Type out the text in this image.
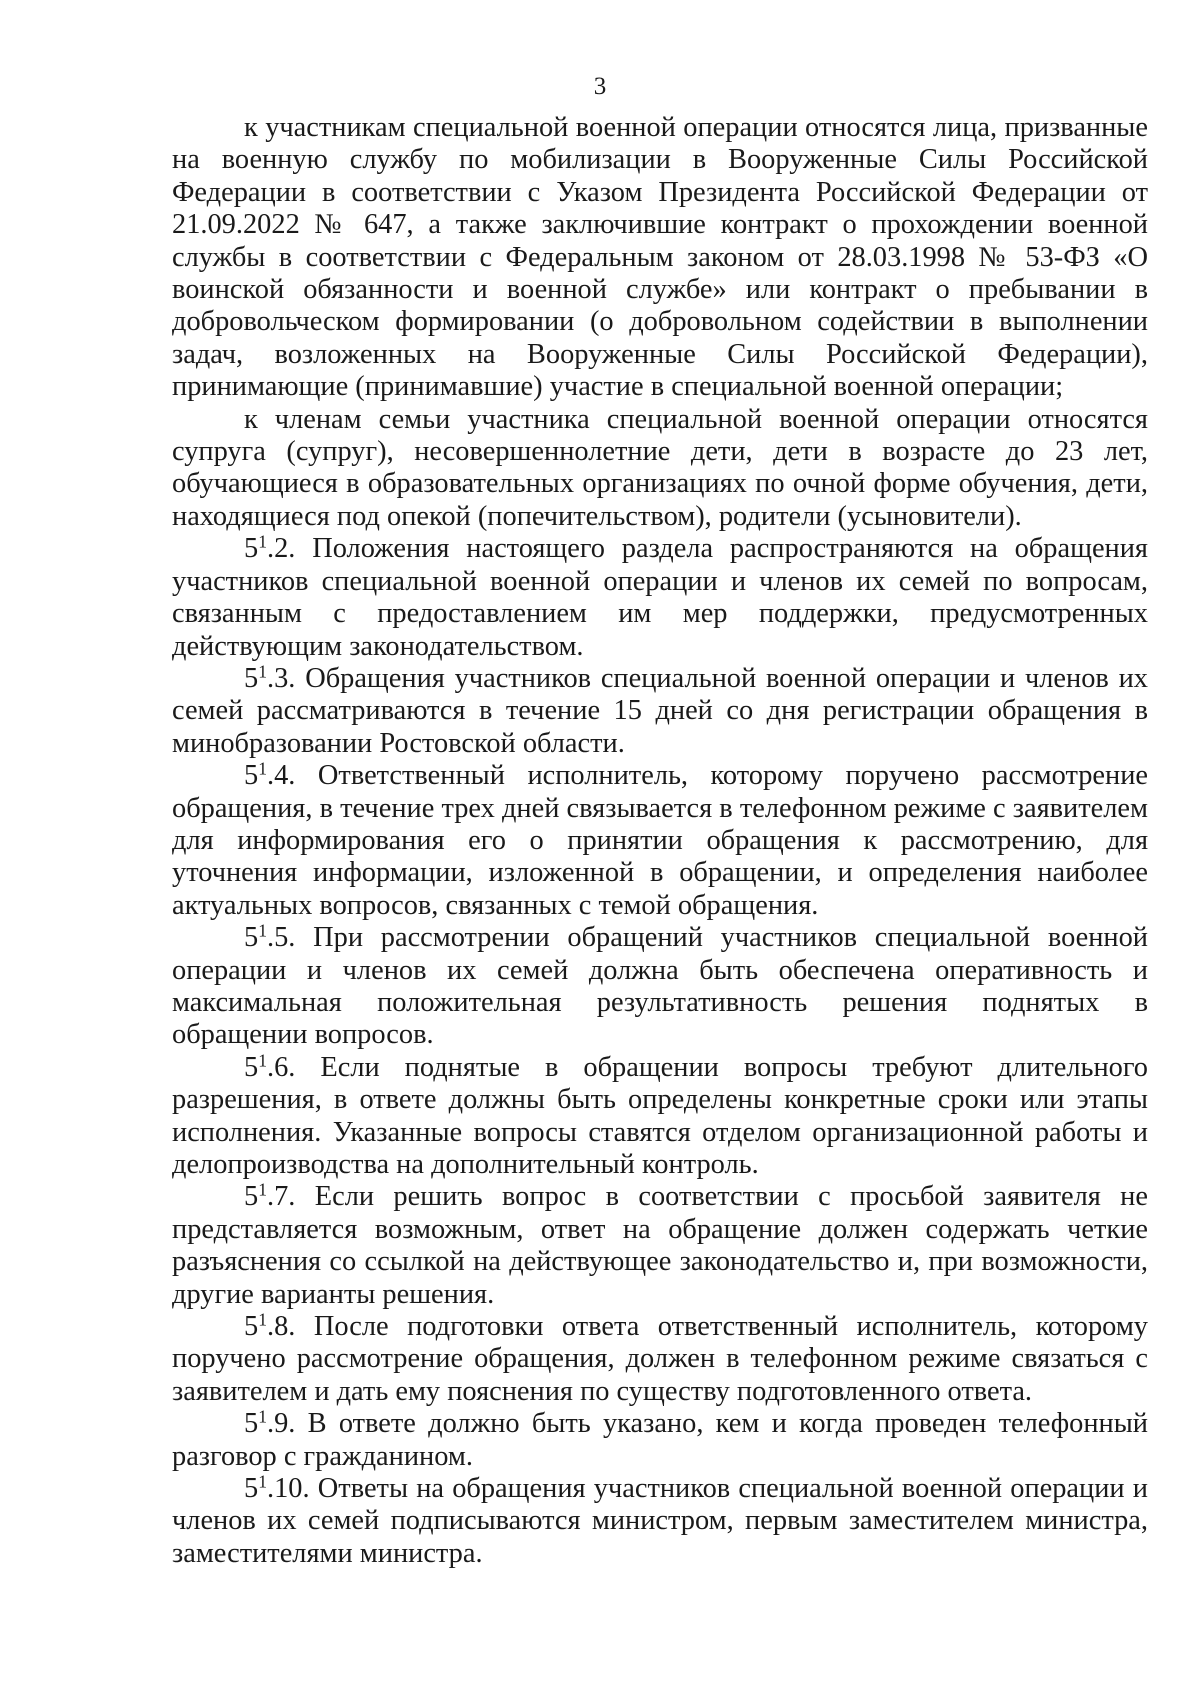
3

к участникам специальной военной операции относятся лица, призванные на военную службу по мобилизации в Вооруженные Силы Российской Федерации в соответствии с Указом Президента Российской Федерации от 21.09.2022 № 647, а также заключившие контракт о прохождении военной службы в соответствии с Федеральным законом от 28.03.1998 № 53-ФЗ «О воинской обязанности и военной службе» или контракт о пребывании в добровольческом формировании (о добровольном содействии в выполнении задач, возложенных на Вооруженные Силы Российской Федерации), принимающие (принимавшие) участие в специальной военной операции;

к членам семьи участника специальной военной операции относятся супруга (супруг), несовершеннолетние дети, дети в возрасте до 23 лет, обучающиеся в образовательных организациях по очной форме обучения, дети, находящиеся под опекой (попечительством), родители (усыновители).

$5^1.2$. Положения настоящего раздела распространяются на обращения участников специальной военной операции и членов их семей по вопросам, связанным с предоставлением им мер поддержки, предусмотренных действующим законодательством.

$5^1.3$. Обращения участников специальной военной операции и членов их семей рассматриваются в течение 15 дней со дня регистрации обращения в минобразовании Ростовской области.

$5^1.4$. Ответственный исполнитель, которому поручено рассмотрение обращения, в течение трех дней связывается в телефонном режиме с заявителем для информирования его о принятии обращения к рассмотрению, для уточнения информации, изложенной в обращении, и определения наиболее актуальных вопросов, связанных с темой обращения.

$5^1.5$. При рассмотрении обращений участников специальной военной операции и членов их семей должна быть обеспечена оперативность и максимальная положительная результативность решения поднятых в обращении вопросов.

$5^1.6$. Если поднятые в обращении вопросы требуют длительного разрешения, в ответе должны быть определены конкретные сроки или этапы исполнения. Указанные вопросы ставятся отделом организационной работы и делопроизводства на дополнительный контроль.

$5^1.7$. Если решить вопрос в соответствии с просьбой заявителя не представляется возможным, ответ на обращение должен содержать четкие разъяснения со ссылкой на действующее законодательство и, при возможности, другие варианты решения.

$5^1.8$. После подготовки ответа ответственный исполнитель, которому поручено рассмотрение обращения, должен в телефонном режиме связаться с заявителем и дать ему пояснения по существу подготовленного ответа.

$5^1.9$. В ответе должно быть указано, кем и когда проведен телефонный разговор с гражданином.

$5^1.10$. Ответы на обращения участников специальной военной операции и членов их семей подписываются министром, первым заместителем министра, заместителями министра.
